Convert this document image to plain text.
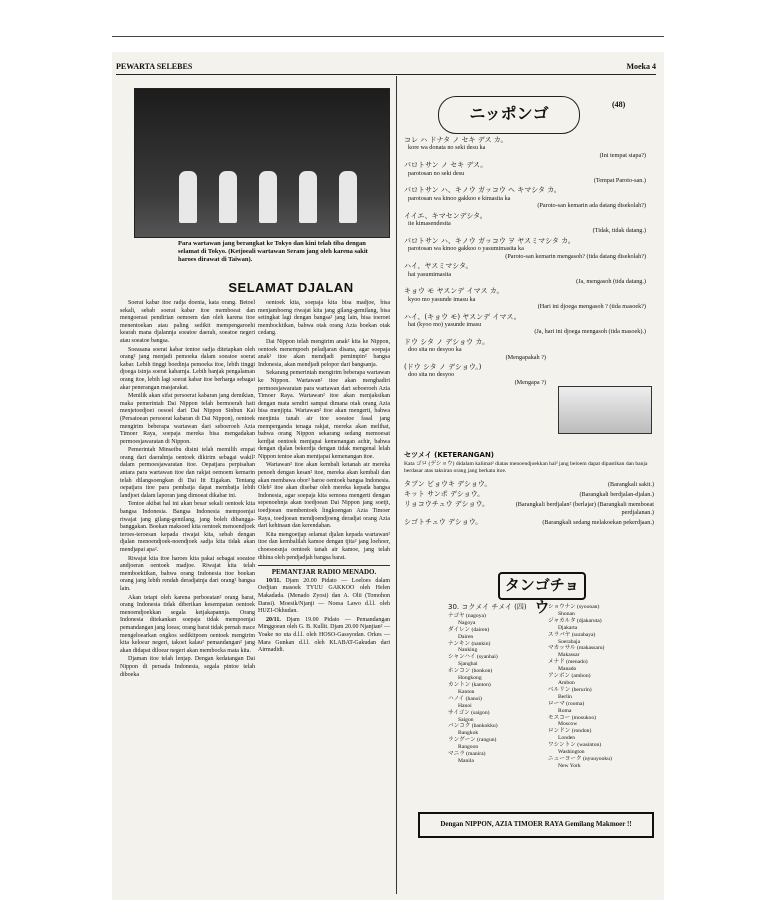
PEWARTA SELEBES	Moeka 4
Para wartawan jang berangkat ke Tokyo dan kini telah tiba dengan selamat di Tokyo. (Ketjoeali wartawan Seram jang oleh karena sakit haroes dirawat di Taiwan).
SELAMAT DJALAN

Soerat kabar itoe radja doenia, kata orang. Betoel sekali, sebab soerat kabar itoe memboeat dan mengoerasi pendirian oemoem dan oleh karena itoe menentoekan atau paling sedikit mempengaroehi kearah mana djalannja soeatoe daerah, soeatoe negeri atau soeatoe bangsa.

Soeasana soerat kabar tentoe sadja ditetapkan oleh orang² jang menjadi pemoeka dalam soeatoe soerat kabar. Lebih tinggi boedinja pemoeka itoe, lebih tinggi djoega isinja soerat kabarnja. Lebih banjak pengalaman orang itoe, lebih lagi soerat kabar itoe berharga sebagai akar penerangan masjarakat.

Menilik akan sifat persoerat kabaran jang demikian, maka pemerintah Dai Nippon telah bermoerah hati menjetoedjoei oesoel dari Dai Nippon Sinbun Kai (Persatoean persoerat kabaran di Dai Nippon), oentoek mengirim beberapa wartawan dari seboeroeh Azia Timoer Raya, soepaja mereka bisa mengadakan permoesjawaratan di Nippon.

Pemerintah Minseibu disini telah memilih empat orang dari daerahnja oentoek dikirim sebagai wakil² dalam permoesjawaratan itoe. Oepatjara perpisahan antara para wartawan itoe dan rakjat oemoem kemarin telah dilangsoengkan di Dai Itt Eigakan. Tentang oepatjara itoe para pembatja dapat membatja lebih landjoet dalam laporan jang dimoeat dikabar ini.

Tentoe akibat hal ini akan besar sekali oentoek kita bangsa Indonesia. Bangsa Indonesia mempoenjai riwajat jang gilang-gemilang, jang boleh dibangga-banggakan. Boekan maksoed kita oentoek menoendjoek teroes-teroesan kepada riwajat kita, sebab dengan djalan menoendjoek-noendjoek sadja kita tidak akan mendjapai apa².

Riwajat kita itoe haroes kita pakai sebagai soeatoe andjoeran oentoek madjoe. Riwajat kita telah memboektikan, bahwa orang Indonesia itoe boekan orang jang lebih rendah deradjatnja dari orang² bangsa lain.

Akan tetapi oleh karena perboeatan² orang barat, orang Indonesia tidak diberikan kesempatan oentoek menoendjoekkan segala ketjakapannja. Orang Indonesia ditekankan soepaja tidak mempoenjai pemandangan jang loeas; orang barat tidak pernah mace mengeloearkan ongkos sedikitpoen oentoek mengirim kita keloear negeri, takoet kalau² pemandangan² jang akan didapat diloear negeri akan membocka mata kita.

Djaman itoe telah lenjap. Dengan kedatangan Dai Nippon di persada Indonesia, segala pintoe telah diboeka

oentoek kita, soepaja kita bisa madjoe, bisa menjamboeng riwajat kita jang gilang-gemilang, bisa setingkat lagi dengan bangsa² jang lain, bisa toeroet membocktikan, bahwa otak orang Azia boekan otak cedang.

Dai Nippon telah mengirim anak² kita ke Nippon, oentoek menempoeh peladjaran disana, agar soepaja anak² itoe akan mendjadi pemimpin² bangsa Indonesia, akan mendjadi pelopor dari bangsanja.

Sekarang pemerintah mengirim beberapa wartawan ke Nippon. Wartawan² itoe akan menghadiri permoesjawaratan para wartawan dari seboeroeh Azia Timoer Raya. Wartawan² itoe akan menjaksikan dengan mata sendiri sampai dimana otak orang Azia bisa menjipta. Wartawan² itoe akan mengerti, bahwa menjinta tanah air itoe soeatoe fasal jang memperganda tenaga rakjat, mereka akan melihat, bahwa orang Nippon sekarang sedang memoesat kerdjat oentoek menjapai kemenangan achir, bahwa dengan djalan bekerdja dengan tidak mengenal lelah Nippon tentoe akan mentjapai kemenangan itoe.

Wartawan² itoe akan kembali ketanah air mereka penoeh dengan kesan² itoe, mereka akan kembali dan akan membawa obor² baroe oentoek bangsa Indonesia. Oleh² itoe akan disebar oleh mereka kepada bangsa Indonesia, agar soepaja kita semoea mengerti dengan sepenoehnja akan toedjoean Dai Nippon jang soetji, toedjoean membentoek lingkoengan Azia Timoer Raya, toedjoean mendjoendjoeng deradjat orang Azia dari kehinaan dan kerendahan.

Kita mengoetjap selamat djalan kepada wartawan² itoe dan kembalilah kamoe dengan tjita² jang loehoer, choesoesnja oentoek tanah air kamoe, jang telah dihina oleh pendjadjah bangsa barat.

PEMANTJAR RADIO MENADO.

10/11. Djam 20.00 Pidato — Loeloes dalam Oedjian masoek TYUU GAKKOO oleh Helen Makadada. (Menado Zyosi) dan A. Olii (Tomohon Dansi). Moesik/Njanji — Noesa Lawo d.l.l. oleh HUZI-Okhudan.

20/11. Djam 19.00 Pidato — Pemandangan Minggoean oleh G. B. Kullit. Djam 20.00 Njanjian² — Yoake no uta d.l.l. oleh HOSO-Gassyodan. Orkes — Mara Gunkan d.l.l. oleh KLABAT-Gakudan dari Airmadidi.

ニッポンゴ	(48)
コレ ハ ドナタ ノ セキ デス カ。
kore wa donata no seki desu ka
(Ini tempat siapa?)
パロトサン ノ セキ デス。
parotosan no seki desu
(Tempat Paroto-san.)
パロトサン ハ、キノウ ガッコウ ヘ キマシタ カ。
parotosan wa kinoo gakkoo e kimasita ka
(Paroto-san kemarin ada datang disekolah?)
イイエ、キマセンデシタ。
iie kimasendesita
(Tidak, tidak datang.)
パロトサン ハ、キノウ ガッコウ ヲ ヤスミマシタ カ。
parotosan wa kinoo gakkoo o yasumimasita ka
(Paroto-san kemarin mengasoh? (tida datang disekolah?)
ハイ、ヤスミマシタ。
hai yasumimasita
(Ja, mengasoh (tida datang.)
キョウ モ ヤスンデ イマス カ。
kyoo mo yasunde imasu ka
(Hari ini djoega mengasoh ? (tida masoek?)
ハイ、(キョウ モ) ヤスンデ イマス。
hai (kyoo mo) yasunde imasu
(Ja, hari ini djoega mengasoh (tida masoek).)
ドウ シタ ノ デショウ カ。
doo sita no desyoo ka
(Mengapakah ?)
(ドウ シタ ノ デショウ。)
doo sita no desyoo
(Mengapa ?)
セツメイ (KETERANGAN)
Kata ゴロ (デショウ) didalam kalimat² diatas menoendjoekkan hal² jang beloem dapat dipastikan dan banja berdasar atas taksiran orang jang berkata itoe.
タブン ビョウキ デショウ。	(Barangkali sakit.)
キット サンポ デショウ。	(Barangkali berdjalan-djalan.)
リョコウチュウ デショウ。	(Barangkali berdjalan² (berlajar) (Barangkali memboeat perdjalanan.)
シゴトチュウ デショウ。	(Barangkali sedang melakoekan pekerdjaan.)
タンゴチョウ
30. コクメイ チメイ (四)
ナゴヤ (nagoya)
Nagoya
ダイレン (dairen)
Dairen
ナンキン (nankin)
Nanking
シャンハイ (syanhai)
Sjanghai
ホンコン (honkon)
Hongkong
カントン (kanton)
Kanton
ハノイ (hanoi)
Hanoi
サイゴン (saigon)
Saigon
バンコク (bankokku)
Bangkok
ラングーン (rangun)
Rangoon
マニラ (manira)
Manila
ショウナン (syoonan)
Shonan
ジャカルタ (djakaruta)
Djakarta
スラバヤ (surabaya)
Soerabaja
マカッサル (makassaru)
Makassar
メナド (menado)
Manado
アンボン (ambon)
Ambon
ベルリン (berurin)
Berlin
ローマ (rooma)
Roma
モスコー (mosukoo)
Moscow
ロンドン (rondon)
Londen
ワシントン (wasinton)
Washington
ニューヨーク (nyuuyooku)
New York
Dengan NIPPON, AZIA TIMOER RAYA Gemilang Makmoer !!
